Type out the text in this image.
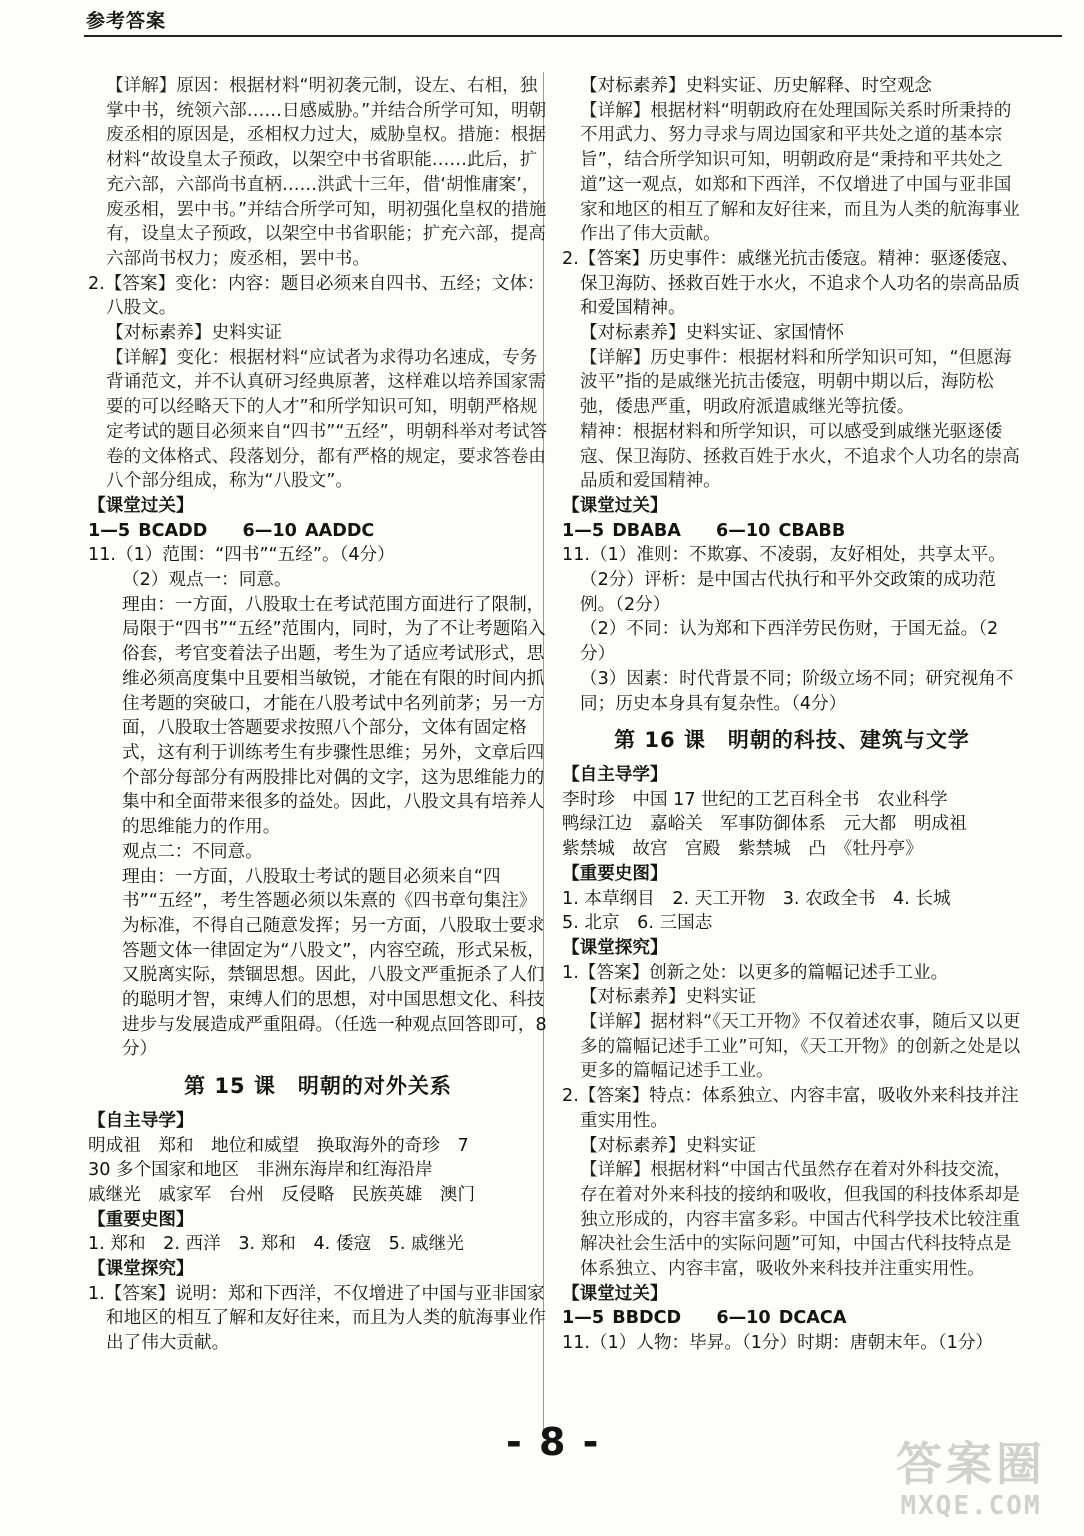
参考答案

【详解】原因：根据材料“明初袭元制，设左、右相，独掌中书，统领六部……日感威胁。”并结合所学可知，明朝废丞相的原因是，丞相权力过大，威胁皇权。措施：根据材料“故设皇太子预政，以架空中书省职能……此后，扩充六部，六部尚书直柄……洪武十三年，借‘胡惟庸案’，废丞相，罢中书。”并结合所学可知，明初强化皇权的措施有，设皇太子预政，以架空中书省职能；扩充六部，提高六部尚书权力；废丞相，罢中书。

2.【答案】变化：内容：题目必须来自四书、五经；文体：八股文。

【对标素养】史料实证

【详解】变化：根据材料“应试者为求得功名速成，专务背诵范文，并不认真研习经典原著，这样难以培养国家需要的可以经略天下的人才”和所学知识可知，明朝严格规定考试的题目必须来自“四书”“五经”，明朝科举对考试答卷的文体格式、段落划分，都有严格的规定，要求答卷由八个部分组成，称为“八股文”。

【课堂过关】

1—5 BCADD　　6—10 AADDC

11.（1）范围：“四书”“五经”。（4分）

（2）观点一：同意。

理由：一方面，八股取士在考试范围方面进行了限制，局限于“四书”“五经”范围内，同时，为了不让考题陷入俗套，考官变着法子出题，考生为了适应考试形式，思维必须高度集中且要相当敏锐，才能在有限的时间内抓住考题的突破口，才能在八股考试中名列前茅；另一方面，八股取士答题要求按照八个部分，文体有固定格式，这有利于训练考生有步骤性思维；另外，文章后四个部分每部分有两股排比对偶的文字，这为思维能力的集中和全面带来很多的益处。因此，八股文具有培养人的思维能力的作用。

观点二：不同意。

理由：一方面，八股取士考试的题目必须来自“四书”“五经”，考生答题必须以朱熹的《四书章句集注》为标准，不得自己随意发挥；另一方面，八股取士要求答题文体一律固定为“八股文”，内容空疏，形式呆板，又脱离实际，禁锢思想。因此，八股文严重扼杀了人们的聪明才智，束缚人们的思想，对中国思想文化、科技进步与发展造成严重阻碍。（任选一种观点回答即可，8分）

第 15 课　明朝的对外关系

【自主导学】

明成祖　郑和　地位和威望　换取海外的奇珍　7

30 多个国家和地区　非洲东海岸和红海沿岸

戚继光　戚家军　台州　反侵略　民族英雄　澳门

【重要史图】

1. 郑和　2. 西洋　3. 郑和　4. 倭寇　5. 戚继光

【课堂探究】

1.【答案】说明：郑和下西洋，不仅增进了中国与亚非国家和地区的相互了解和友好往来，而且为人类的航海事业作出了伟大贡献。

【对标素养】史料实证、历史解释、时空观念

【详解】根据材料“明朝政府在处理国际关系时所秉持的不用武力、努力寻求与周边国家和平共处之道的基本宗旨”，结合所学知识可知，明朝政府是“秉持和平共处之道”这一观点，如郑和下西洋，不仅增进了中国与亚非国家和地区的相互了解和友好往来，而且为人类的航海事业作出了伟大贡献。

2.【答案】历史事件：戚继光抗击倭寇。精神：驱逐倭寇、保卫海防、拯救百姓于水火，不追求个人功名的崇高品质和爱国精神。

【对标素养】史料实证、家国情怀

【详解】历史事件：根据材料和所学知识可知，“但愿海波平”指的是戚继光抗击倭寇，明朝中期以后，海防松弛，倭患严重，明政府派遣戚继光等抗倭。

精神：根据材料和所学知识，可以感受到戚继光驱逐倭寇、保卫海防、拯救百姓于水火，不追求个人功名的崇高品质和爱国精神。

【课堂过关】

1—5 DBABA　　6—10 CBABB

11.（1）准则：不欺寡、不凌弱，友好相处，共享太平。（2分）评析：是中国古代执行和平外交政策的成功范例。（2分）

（2）不同：认为郑和下西洋劳民伤财，于国无益。（2分）

（3）因素：时代背景不同；阶级立场不同；研究视角不同；历史本身具有复杂性。（4分）

第 16 课　明朝的科技、建筑与文学

【自主导学】

李时珍　中国 17 世纪的工艺百科全书　农业科学

鸭绿江边　嘉峪关　军事防御体系　元大都　明成祖

紫禁城　故宫　宫殿　紫禁城　凸　《牡丹亭》

【重要史图】

1. 本草纲目　2. 天工开物　3. 农政全书　4. 长城

5. 北京　6. 三国志

【课堂探究】

1.【答案】创新之处：以更多的篇幅记述手工业。

【对标素养】史料实证

【详解】据材料“《天工开物》不仅着述农事，随后又以更多的篇幅记述手工业”可知，《天工开物》的创新之处是以更多的篇幅记述手工业。

2.【答案】特点：体系独立、内容丰富，吸收外来科技并注重实用性。

【对标素养】史料实证

【详解】根据材料“中国古代虽然存在着对外科技交流，存在着对外来科技的接纳和吸收，但我国的科技体系却是独立形成的，内容丰富多彩。中国古代科学技术比较注重解决社会生活中的实际问题”可知，中国古代科技特点是体系独立、内容丰富，吸收外来科技并注重实用性。

【课堂过关】

1—5 BBDCD　　6—10 DCACA

11.（1）人物：毕昇。（1分）时期：唐朝末年。（1分）

- 8 -	答案圈
MXQE.COM
